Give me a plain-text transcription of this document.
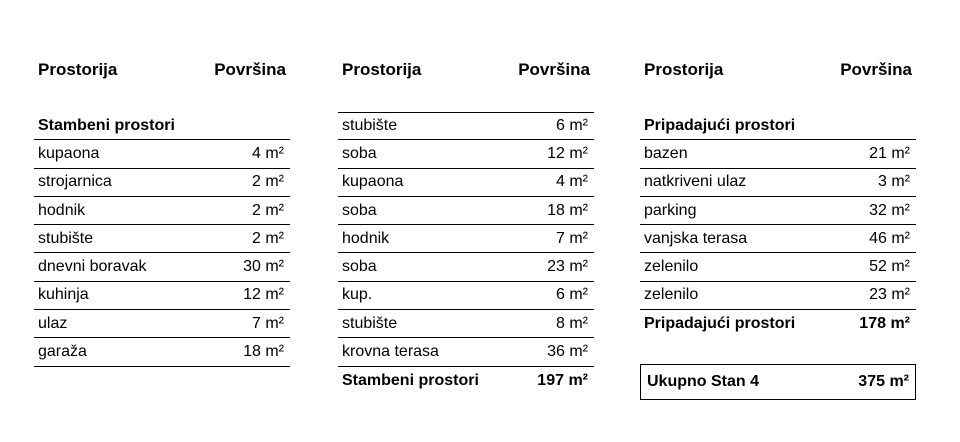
Prostorija	Površina
Stambeni prostori
kupaona	4 m²
strojarnica	2 m²
hodnik	2 m²
stubište	2 m²
dnevni boravak	30 m²
kuhinja	12 m²
ulaz	7 m²
garaža	18 m²
Prostorija	Površina
stubište	6 m²
soba	12 m²
kupaona	4 m²
soba	18 m²
hodnik	7 m²
soba	23 m²
kup.	6 m²
stubište	8 m²
krovna terasa	36 m²
Stambeni prostori	197 m²
Prostorija	Površina
Pripadajući prostori
bazen	21 m²
natkriveni ulaz	3 m²
parking	32 m²
vanjska terasa	46 m²
zelenilo	52 m²
zelenilo	23 m²
Pripadajući prostori	178 m²
Ukupno Stan 4	375 m²
